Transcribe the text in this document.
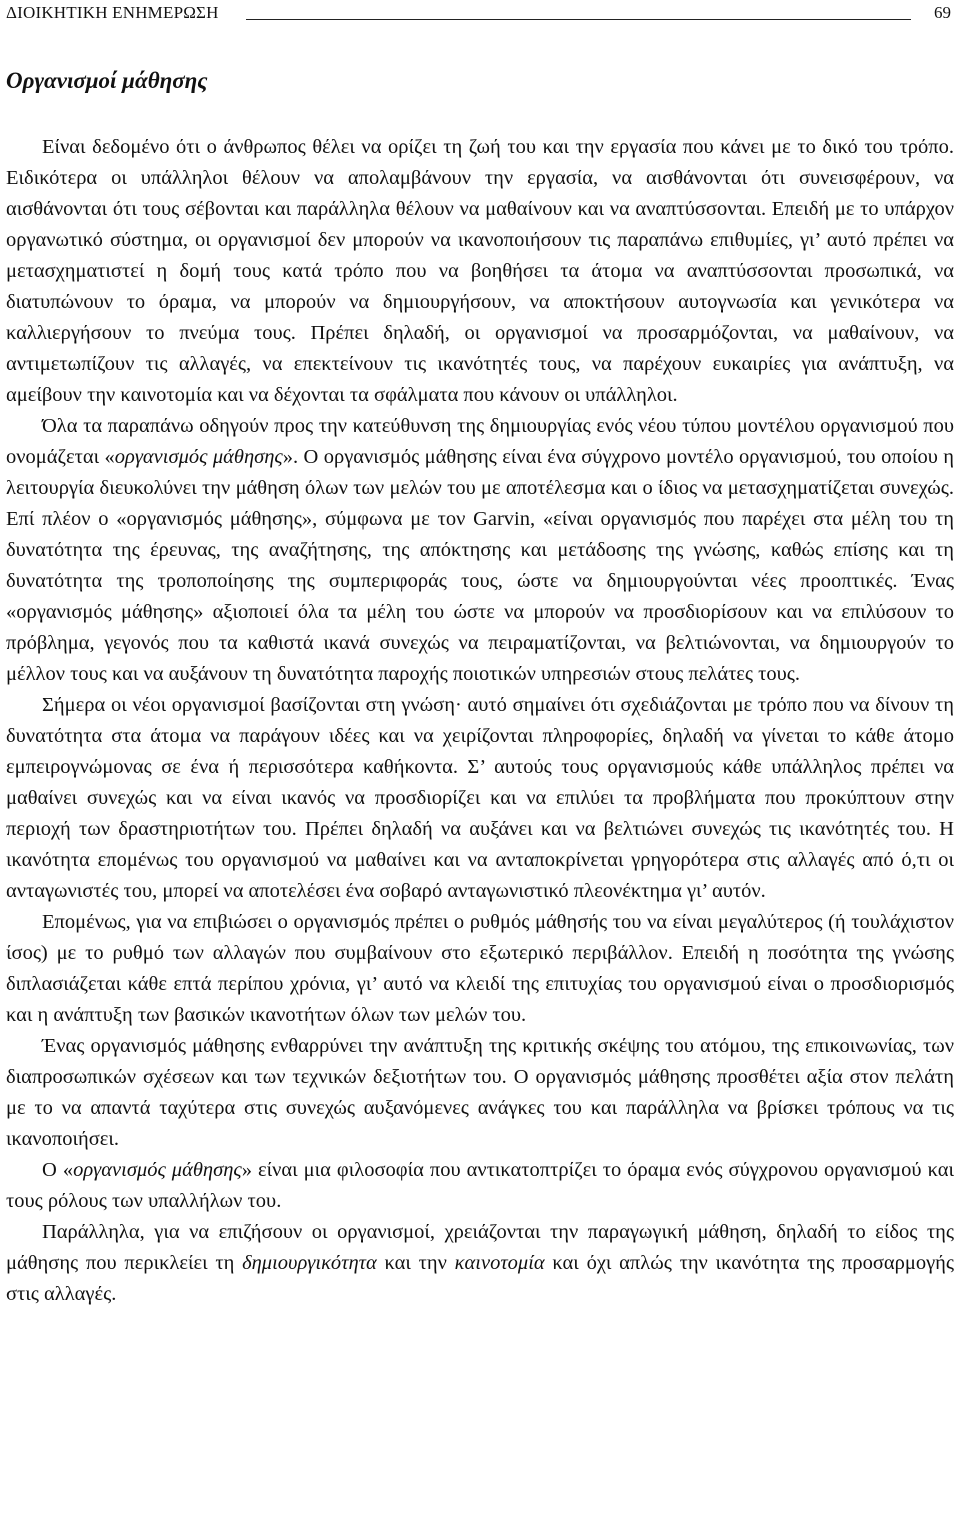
ΔΙΟΙΚΗΤΙΚΗ ΕΝΗΜΕΡΩΣΗ	69
Οργανισμοί μάθησης

Είναι δεδομένο ότι ο άνθρωπος θέλει να ορίζει τη ζωή του και την εργασία που κάνει με το δικό του τρόπο. Ειδικότερα οι υπάλληλοι θέλουν να απολαμβάνουν την εργασία, να αισθάνονται ότι συνεισφέρουν, να αισθάνονται ότι τους σέβονται και παράλληλα θέλουν να μαθαίνουν και να αναπτύσσονται. Επειδή με το υπάρχον οργανωτικό σύστημα, οι οργανισμοί δεν μπορούν να ικανοποιήσουν τις παραπάνω επιθυμίες, γι’ αυτό πρέπει να μετασχηματιστεί η δομή τους κατά τρόπο που να βοηθήσει τα άτομα να αναπτύσσονται προσωπικά, να διατυπώνουν το όραμα, να μπορούν να δημιουργήσουν, να αποκτήσουν αυτογνωσία και γενικότερα να καλλιεργήσουν το πνεύμα τους. Πρέπει δηλαδή, οι οργανισμοί να προσαρμόζονται, να μαθαίνουν, να αντιμετωπίζουν τις αλλαγές, να επεκτείνουν τις ικανότητές τους, να παρέχουν ευκαιρίες για ανάπτυξη, να αμείβουν την καινοτομία και να δέχονται τα σφάλματα που κάνουν οι υπάλληλοι.

Όλα τα παραπάνω οδηγούν προς την κατεύθυνση της δημιουργίας ενός νέου τύπου μοντέλου οργανισμού που ονομάζεται «οργανισμός μάθησης». Ο οργανισμός μάθησης είναι ένα σύγχρονο μοντέλο οργανισμού, του οποίου η λειτουργία διευκολύνει την μάθηση όλων των μελών του με αποτέλεσμα και ο ίδιος να μετασχηματίζεται συνεχώς. Επί πλέον ο «οργανισμός μάθησης», σύμφωνα με τον Garvin, «είναι οργανισμός που παρέχει στα μέλη του τη δυνατότητα της έρευνας, της αναζήτησης, της απόκτησης και μετάδοσης της γνώσης, καθώς επίσης και τη δυνατότητα της τροποποίησης της συμπεριφοράς τους, ώστε να δημιουργούνται νέες προοπτικές. Ένας «οργανισμός μάθησης» αξιοποιεί όλα τα μέλη του ώστε να μπορούν να προσδιορίσουν και να επιλύσουν το πρόβλημα, γεγονός που τα καθιστά ικανά συνεχώς να πειραματίζονται, να βελτιώνονται, να δημιουργούν το μέλλον τους και να αυξάνουν τη δυνατότητα παροχής ποιοτικών υπηρεσιών στους πελάτες τους.

Σήμερα οι νέοι οργανισμοί βασίζονται στη γνώση· αυτό σημαίνει ότι σχεδιάζονται με τρόπο που να δίνουν τη δυνατότητα στα άτομα να παράγουν ιδέες και να χειρίζονται πληροφορίες, δηλαδή να γίνεται το κάθε άτομο εμπειρογνώμονας σε ένα ή περισσότερα καθήκοντα. Σ’ αυτούς τους οργανισμούς κάθε υπάλληλος πρέπει να μαθαίνει συνεχώς και να είναι ικανός να προσδιορίζει και να επιλύει τα προβλήματα που προκύπτουν στην περιοχή των δραστηριοτήτων του. Πρέπει δηλαδή να αυξάνει και να βελτιώνει συνεχώς τις ικανότητές του. Η ικανότητα επομένως του οργανισμού να μαθαίνει και να ανταποκρίνεται γρηγορότερα στις αλλαγές από ό,τι οι ανταγωνιστές του, μπορεί να αποτελέσει ένα σοβαρό ανταγωνιστικό πλεονέκτημα γι’ αυτόν.

Επομένως, για να επιβιώσει ο οργανισμός πρέπει ο ρυθμός μάθησής του να είναι μεγαλύτερος (ή τουλάχιστον ίσος) με το ρυθμό των αλλαγών που συμβαίνουν στο εξωτερικό περιβάλλον. Επειδή η ποσότητα της γνώσης διπλασιάζεται κάθε επτά περίπου χρόνια, γι’ αυτό να κλειδί της επιτυχίας του οργανισμού είναι ο προσδιορισμός και η ανάπτυξη των βασικών ικανοτήτων όλων των μελών του.

Ένας οργανισμός μάθησης ενθαρρύνει την ανάπτυξη της κριτικής σκέψης του ατόμου, της επικοινωνίας, των διαπροσωπικών σχέσεων και των τεχνικών δεξιοτήτων του. Ο οργανισμός μάθησης προσθέτει αξία στον πελάτη με το να απαντά ταχύτερα στις συνεχώς αυξανόμενες ανάγκες του και παράλληλα να βρίσκει τρόπους να τις ικανοποιήσει.

Ο «οργανισμός μάθησης» είναι μια φιλοσοφία που αντικατοπτρίζει το όραμα ενός σύγχρονου οργανισμού και τους ρόλους των υπαλλήλων του.

Παράλληλα, για να επιζήσουν οι οργανισμοί, χρειάζονται την παραγωγική μάθηση, δηλαδή το είδος της μάθησης που περικλείει τη δημιουργικότητα και την καινοτομία και όχι απλώς την ικανότητα της προσαρμογής στις αλλαγές.
